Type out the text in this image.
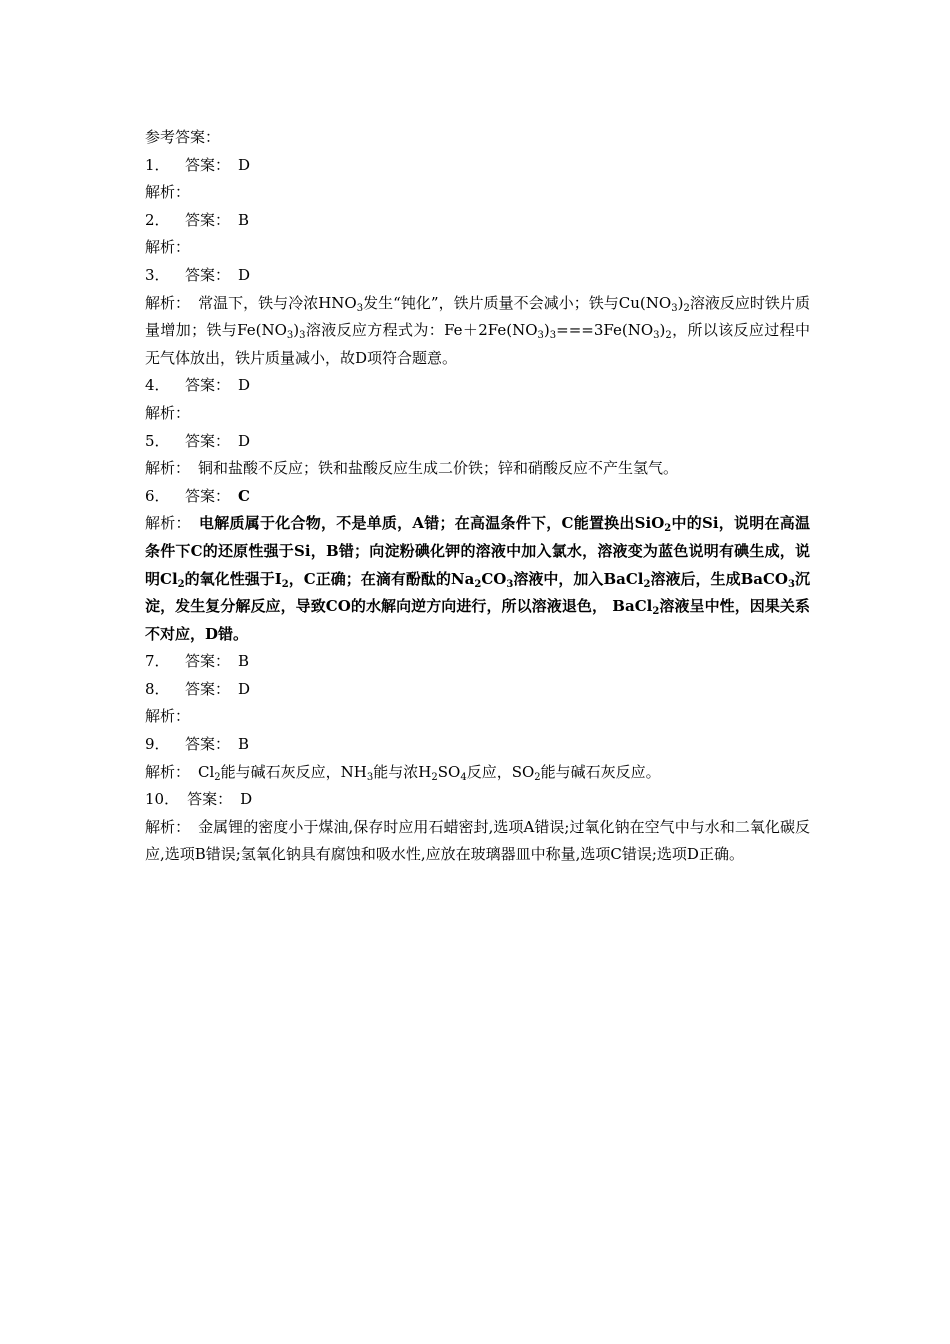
参考答案：
1． 答案： D
解析：
2． 答案： B
解析：
3． 答案： D
解析： 常温下，铁与冷浓$HNO_3$发生“钝化”，铁片质量不会减小；铁与$Cu(NO_3)_2$溶液反应时铁片质量增加；铁与$Fe(NO_3)_3$溶液反应方程式为：$Fe+2Fe(NO_3)_3===3Fe(NO_3)_2$，所以该反应过程中无气体放出，铁片质量减小，故D项符合题意。
4． 答案： D
解析：
5． 答案： D
解析： 铜和盐酸不反应；铁和盐酸反应生成二价铁；锌和硝酸反应不产生氢气。
6． 答案： C
解析： 电解质属于化合物，不是单质，A错；在高温条件下，C能置换出SiO$_2$中的Si，说明在高温条件下C的还原性强于Si，B错；向淀粉碘化钾的溶液中加入氯水，溶液变为蓝色说明有碘生成，说明$Cl_2$的氧化性强于$I_2$，C正确；在滴有酚酞的$Na_2CO_3$溶液中，加入BaCl$_2$溶液后，生成BaCO$_3$沉淀，发生复分解反应，导致CO的水解向逆方向进行，所以溶液退色， BaCl$_2$溶液呈中性，因果关系不对应，D错。
7． 答案： B
8． 答案： D
解析：
9． 答案： B
解析： $Cl_2$能与碱石灰反应，$NH_3$能与浓$H_2SO_4$反应，$SO_2$能与碱石灰反应。
10． 答案： D
解析： 金属锂的密度小于煤油,保存时应用石蜡密封,选项A错误;过氧化钠在空气中与水和二氧化碳反应,选项B错误;氢氧化钠具有腐蚀和吸水性,应放在玻璃器皿中称量,选项C错误;选项D正确。
